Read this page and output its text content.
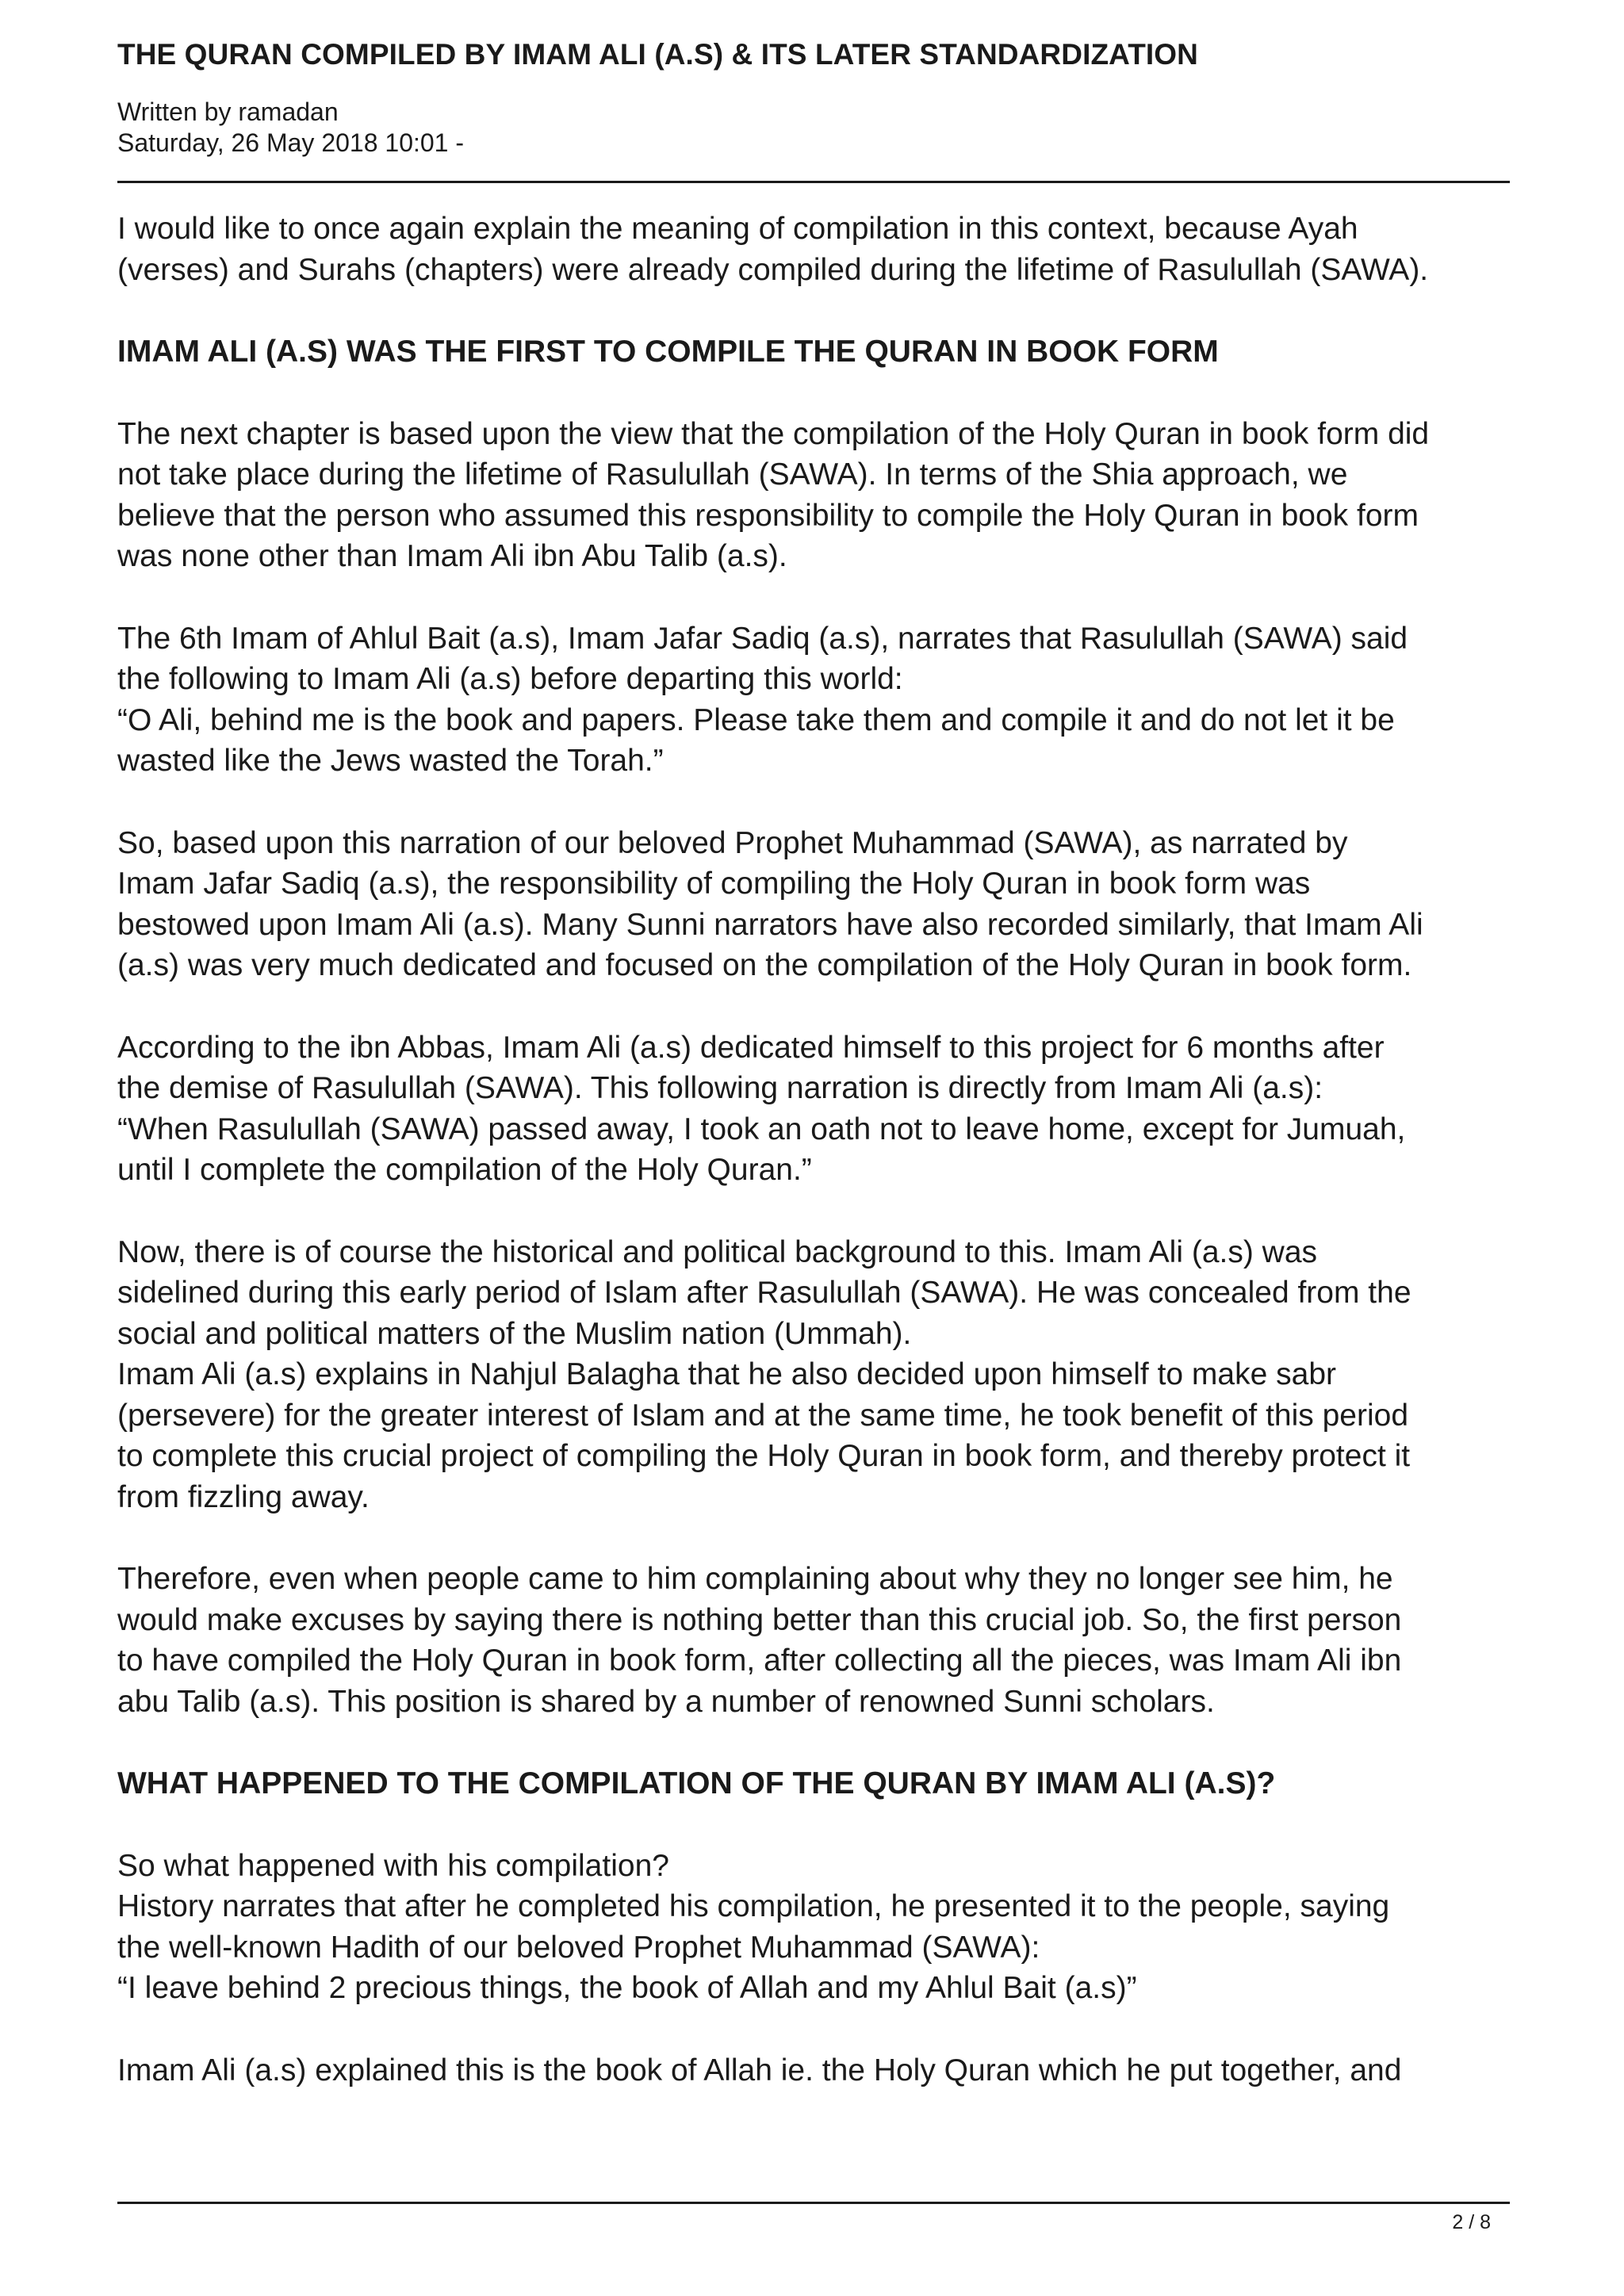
THE QURAN COMPILED BY IMAM ALI (A.S) & ITS LATER STANDARDIZATION
Written by ramadan
Saturday, 26 May 2018 10:01 -

I would like to once again explain the meaning of compilation in this context, because Ayah
(verses) and Surahs (chapters) were already compiled during the lifetime of Rasulullah (SAWA).

IMAM ALI (A.S) WAS THE FIRST TO COMPILE THE QURAN IN BOOK FORM

The next chapter is based upon the view that the compilation of the Holy Quran in book form did
not take place during the lifetime of Rasulullah (SAWA). In terms of the Shia approach, we
believe that the person who assumed this responsibility to compile the Holy Quran in book form
was none other than Imam Ali ibn Abu Talib (a.s).

The 6th Imam of Ahlul Bait (a.s), Imam Jafar Sadiq (a.s), narrates that Rasulullah (SAWA) said
the following to Imam Ali (a.s) before departing this world:
“O Ali, behind me is the book and papers. Please take them and compile it and do not let it be
wasted like the Jews wasted the Torah.”

So, based upon this narration of our beloved Prophet Muhammad (SAWA), as narrated by
Imam Jafar Sadiq (a.s), the responsibility of compiling the Holy Quran in book form was
bestowed upon Imam Ali (a.s). Many Sunni narrators have also recorded similarly, that Imam Ali
(a.s) was very much dedicated and focused on the compilation of the Holy Quran in book form.

According to the ibn Abbas, Imam Ali (a.s) dedicated himself to this project for 6 months after
the demise of Rasulullah (SAWA). This following narration is directly from Imam Ali (a.s):
“When Rasulullah (SAWA) passed away, I took an oath not to leave home, except for Jumuah,
until I complete the compilation of the Holy Quran.”

Now, there is of course the historical and political background to this. Imam Ali (a.s) was
sidelined during this early period of Islam after Rasulullah (SAWA). He was concealed from the
social and political matters of the Muslim nation (Ummah).
Imam Ali (a.s) explains in Nahjul Balagha that he also decided upon himself to make sabr
(persevere) for the greater interest of Islam and at the same time, he took benefit of this period
to complete this crucial project of compiling the Holy Quran in book form, and thereby protect it
from fizzling away.

Therefore, even when people came to him complaining about why they no longer see him, he
would make excuses by saying there is nothing better than this crucial job. So, the first person
to have compiled the Holy Quran in book form, after collecting all the pieces, was Imam Ali ibn
abu Talib (a.s). This position is shared by a number of renowned Sunni scholars.

WHAT HAPPENED TO THE COMPILATION OF THE QURAN BY IMAM ALI (A.S)?

So what happened with his compilation?
History narrates that after he completed his compilation, he presented it to the people, saying
the well-known Hadith of our beloved Prophet Muhammad (SAWA):
“I leave behind 2 precious things, the book of Allah and my Ahlul Bait (a.s)”

Imam Ali (a.s) explained this is the book of Allah ie. the Holy Quran which he put together, and

2 / 8
